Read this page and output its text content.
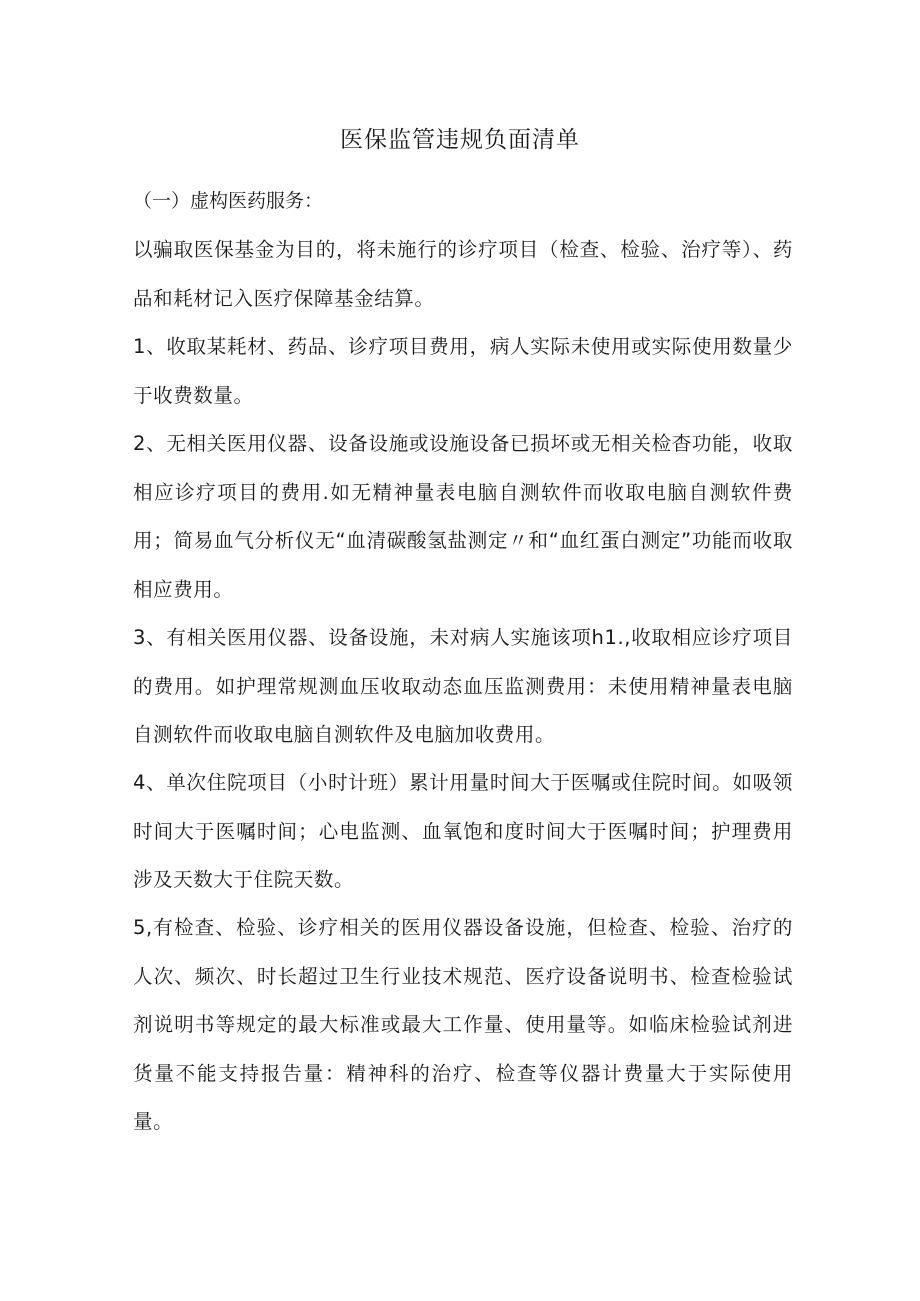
医保监管违规负面清单

（一）虚构医药服务：

以骗取医保基金为目的，将未施行的诊疗项目（检查、检验、治疗等）、药品和耗材记入医疗保障基金结算。

1、收取某耗材、药品、诊疗项目费用，病人实际未使用或实际使用数量少于收费数量。

2、无相关医用仪器、设备设施或设施设备已损坏或无相关检杳功能，收取相应诊疗项目的费用.如无精神量表电脑自测软件而收取电脑自测软件费用；简易血气分析仪无“血清碳酸氢盐测定〃和“血红蛋白测定”功能而收取相应费用。

3、有相关医用仪器、设备设施，未对病人实施该项h1.,收取相应诊疗项目的费用。如护理常规测血压收取动态血压监测费用：未使用精神量表电脑自测软件而收取电脑自测软件及电脑加收费用。

4、单次住院项目（小时计班）累计用量时间大于医嘱或住院时间。如吸领时间大于医嘱时间；心电监测、血氧饱和度时间大于医嘱时间；护理费用涉及天数大于住院天数。

5,有检查、检验、诊疗相关的医用仪器设备设施，但检查、检验、治疗的人次、频次、时长超过卫生行业技术规范、医疗设备说明书、检查检验试剂说明书等规定的最大标准或最大工作量、使用量等。如临床检验试剂进货量不能支持报告量：精神科的治疗、检查等仪器计费量大于实际使用量。
